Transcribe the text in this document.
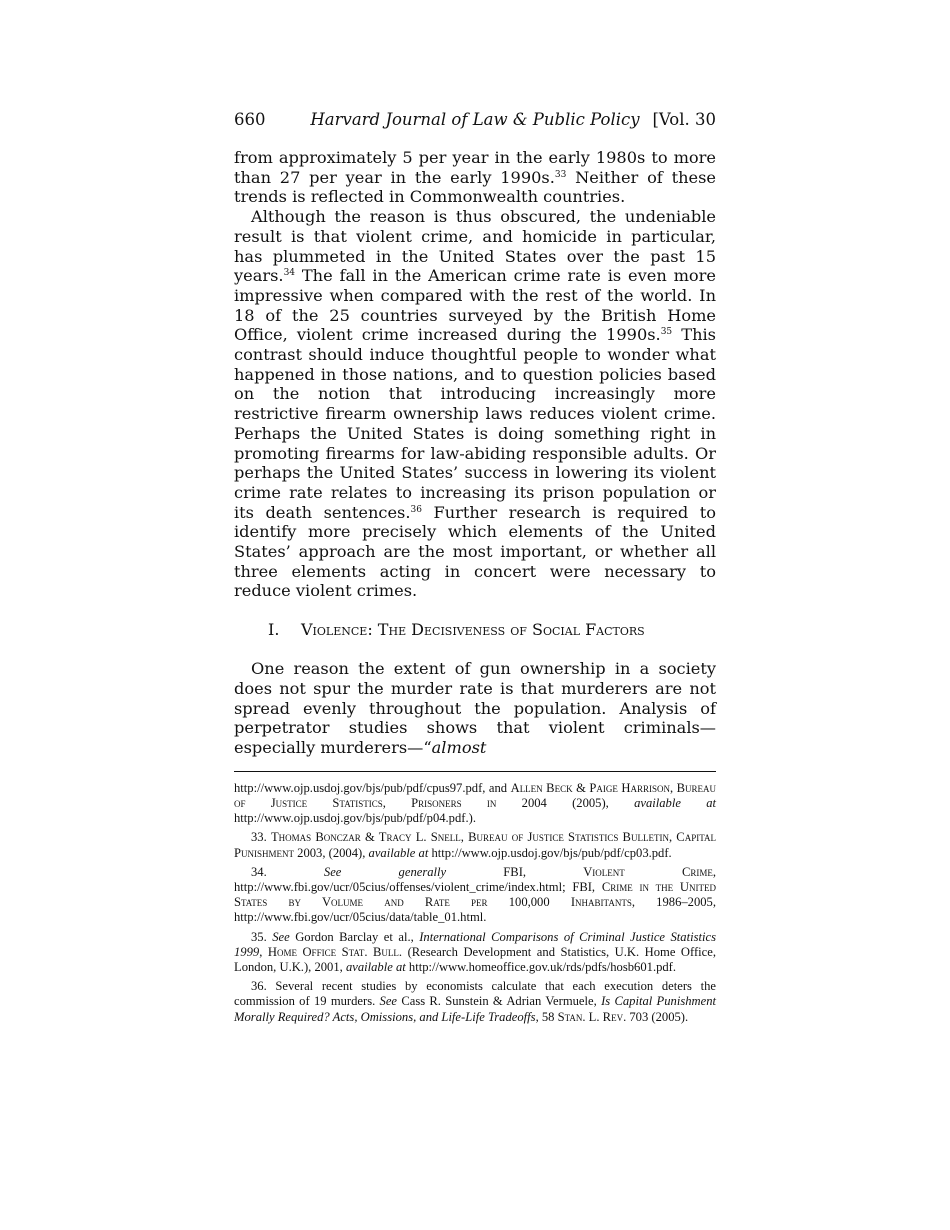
660	Harvard Journal of Law & Public Policy [Vol. 30

from approximately 5 per year in the early 1980s to more than 27 per year in the early 1990s.$^{33}$ Neither of these trends is reflected in Commonwealth countries.

Although the reason is thus obscured, the undeniable result is that violent crime, and homicide in particular, has plummeted in the United States over the past 15 years.$^{34}$ The fall in the American crime rate is even more impressive when compared with the rest of the world. In 18 of the 25 countries surveyed by the British Home Office, violent crime increased during the 1990s.$^{35}$ This contrast should induce thoughtful people to wonder what happened in those nations, and to question policies based on the notion that introducing increasingly more restrictive firearm ownership laws reduces violent crime. Perhaps the United States is doing something right in promoting firearms for law-abiding responsible adults. Or perhaps the United States’ success in lowering its violent crime rate relates to increasing its prison population or its death sentences.$^{36}$ Further research is required to identify more precisely which elements of the United States’ approach are the most important, or whether all three elements acting in concert were necessary to reduce violent crimes.

I. Violence: The Decisiveness of Social Factors

One reason the extent of gun ownership in a society does not spur the murder rate is that murderers are not spread evenly throughout the population. Analysis of perpetrator studies shows that violent criminals—especially murderers—“almost

http://www.ojp.usdoj.gov/bjs/pub/pdf/cpus97.pdf, and Allen Beck & Paige Harrison, Bureau of Justice Statistics, Prisoners in 2004 (2005), available at http://www.ojp.usdoj.gov/bjs/pub/pdf/p04.pdf.).

33. Thomas Bonczar & Tracy L. Snell, Bureau of Justice Statistics Bulletin, Capital Punishment 2003, (2004), available at http://www.ojp.usdoj.gov/bjs/pub/pdf/cp03.pdf.

34.	See generally FBI, Violent Crime, http://www.fbi.gov/ucr/05cius/offenses/violent_crime/index.html; FBI, Crime in the United States by Volume and Rate per 100,000 Inhabitants, 1986–2005, http://www.fbi.gov/ucr/05cius/data/table_01.html.

35. See Gordon Barclay et al., International Comparisons of Criminal Justice Statistics 1999, Home Office Stat. Bull. (Research Development and Statistics, U.K. Home Office, London, U.K.), 2001, available at http://www.homeoffice.gov.uk/rds/pdfs/hosb601.pdf.

36. Several recent studies by economists calculate that each execution deters the commission of 19 murders. See Cass R. Sunstein & Adrian Vermuele, Is Capital Punishment Morally Required? Acts, Omissions, and Life-Life Tradeoffs, 58 Stan. L. Rev. 703 (2005).
